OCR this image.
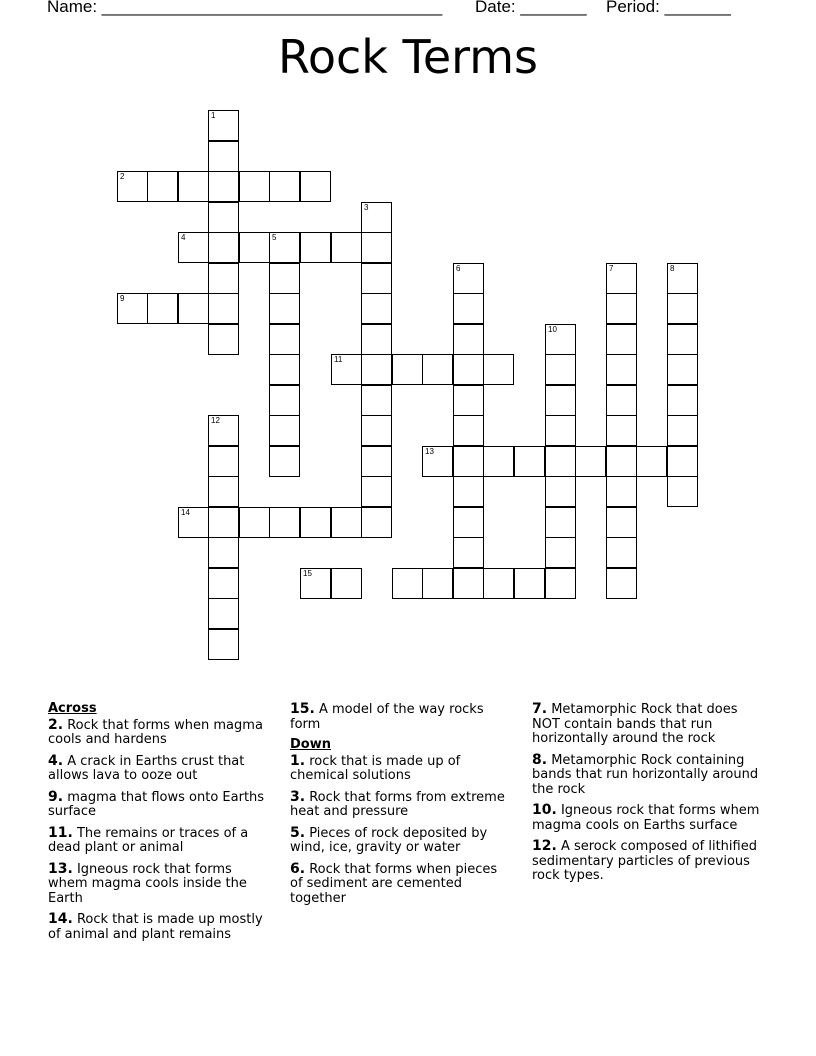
Name: ____________________________________ Date: _______ Period: _______
Rock Terms
1
2
4	5
9
3
11
6	7	8
10
13
12
14
15
Across
2. Rock that forms when magma cools and hardens
4. A crack in Earths crust that allows lava to ooze out
9. magma that flows onto Earths surface
11. The remains or traces of a dead plant or animal
13. Igneous rock that forms whem magma cools inside the Earth
14. Rock that is made up mostly of animal and plant remains
15. A model of the way rocks form
Down
1. rock that is made up of chemical solutions
3. Rock that forms from extreme heat and pressure
5. Pieces of rock deposited by wind, ice, gravity or water
6. Rock that forms when pieces of sediment are cemented together
7. Metamorphic Rock that does NOT contain bands that run horizontally around the rock
8. Metamorphic Rock containing bands that run horizontally around the rock
10. Igneous rock that forms whem magma cools on Earths surface
12. A serock composed of lithified sedimentary particles of previous rock types.
